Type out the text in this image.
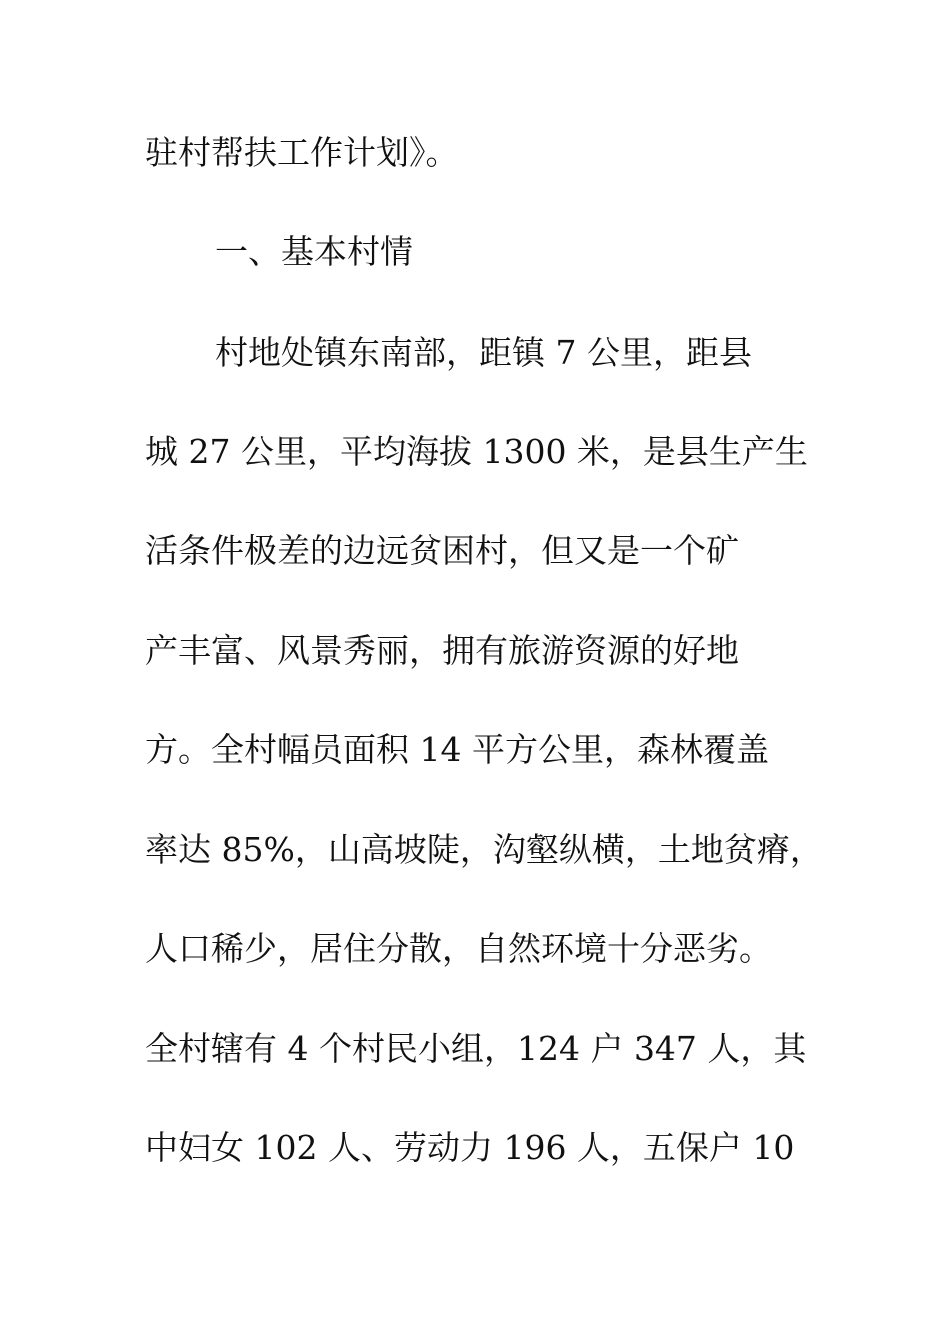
驻村帮扶工作计划》。
一、基本村情
村地处镇东南部，距镇 7 公里，距县
城 27 公里，平均海拔 1300 米，是县生产生
活条件极差的边远贫困村，但又是一个矿
产丰富、风景秀丽，拥有旅游资源的好地
方。全村幅员面积 14 平方公里，森林覆盖
率达 85%，山高坡陡，沟壑纵横，土地贫瘠，
人口稀少，居住分散，自然环境十分恶劣。
全村辖有 4 个村民小组，124 户 347 人，其
中妇女 102 人、劳动力 196 人，五保户 10
